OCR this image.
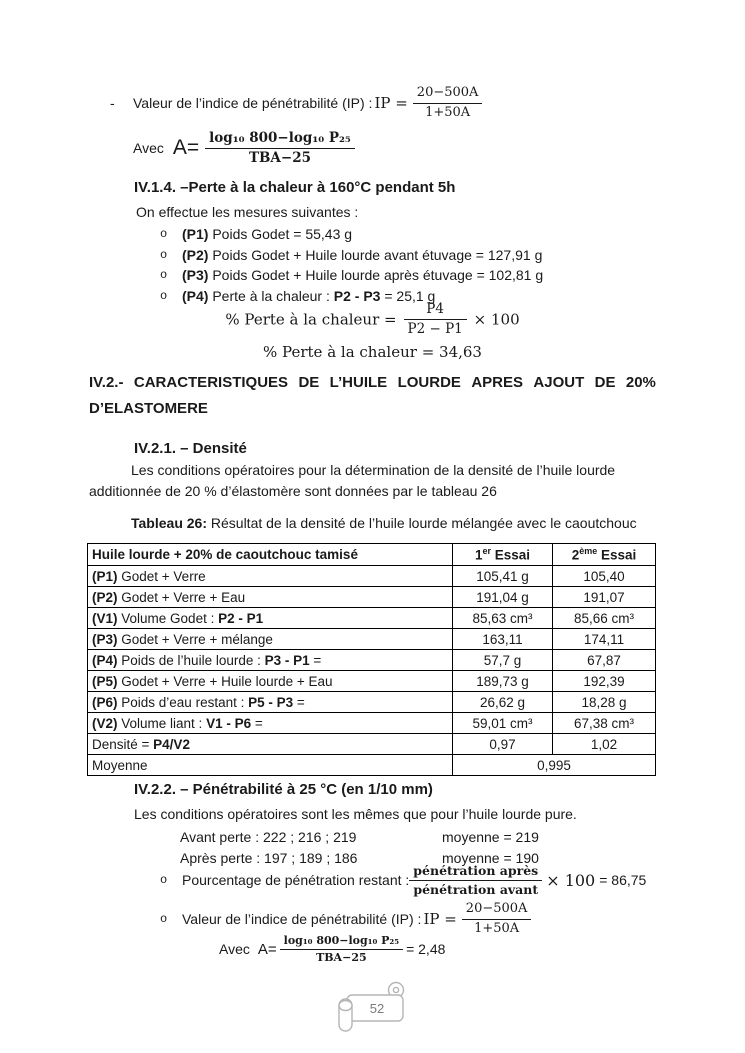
-	Valeur de l’indice de pénétrabilité (IP) : IP = $\frac{20-500A}{1+50A}$
Avec $A= \frac{\text{log₁₀ 800−log₁₀ P₂₅}}{\text{TBA−25}}$
IV.1.4. –Perte à la chaleur à 160°C pendant 5h
On effectue les mesures suivantes :
o	(P1) Poids Godet = 55,43 g
o	(P2) Poids Godet + Huile lourde avant étuvage = 127,91 g
o	(P3) Poids Godet + Huile lourde après étuvage = 102,81 g
o	(P4) Perte à la chaleur : P2 - P3 = 25,1 g
% Perte à la chaleur = $\frac{P4}{P2 - P1} \times 100$
% Perte à la chaleur = 34,63
IV.2.- CARACTERISTIQUES DE L’HUILE LOURDE APRES AJOUT DE 20%
D’ELASTOMERE
IV.2.1. – Densité
Les conditions opératoires pour la détermination de la densité de l’huile lourde
additionnée de 20 % d’élastomère sont données par le tableau 26
Tableau 26: Résultat de la densité de l’huile lourde mélangée avec le caoutchouc
Huile lourde + 20% de caoutchouc tamisé	1er Essai	2ème Essai
(P1) Godet + Verre	105,41 g	105,40
(P2) Godet + Verre + Eau	191,04 g	191,07
(V1) Volume Godet : P2 - P1	85,63 cm³	85,66 cm³
(P3) Godet + Verre + mélange	163,11	174,11
(P4) Poids de l’huile lourde : P3 - P1 =	57,7 g	67,87
(P5) Godet + Verre + Huile lourde + Eau	189,73 g	192,39
(P6) Poids d’eau restant : P5 - P3 =	26,62 g	18,28 g
(V2) Volume liant : V1 - P6 =	59,01 cm³	67,38 cm³
Densité = P4/V2	0,97	1,02
Moyenne	0,995	
IV.2.2. – Pénétrabilité à 25 °C (en 1/10 mm)
Les conditions opératoires sont les mêmes que pour l’huile lourde pure.
Avant perte : 222 ; 216 ; 219	moyenne = 219
Après perte : 197 ; 189 ; 186	moyenne = 190
o	Pourcentage de pénétration restant : $\frac{\text{pénétration après}}{\text{pénétration avant}} \times 100 = 86,75$
o	Valeur de l’indice de pénétrabilité (IP) : IP = $\frac{20-500A}{1+50A}$
Avec $A= \frac{\text{log₁₀ 800−log₁₀ P₂₅}}{\text{TBA−25}} = 2,48$
52
